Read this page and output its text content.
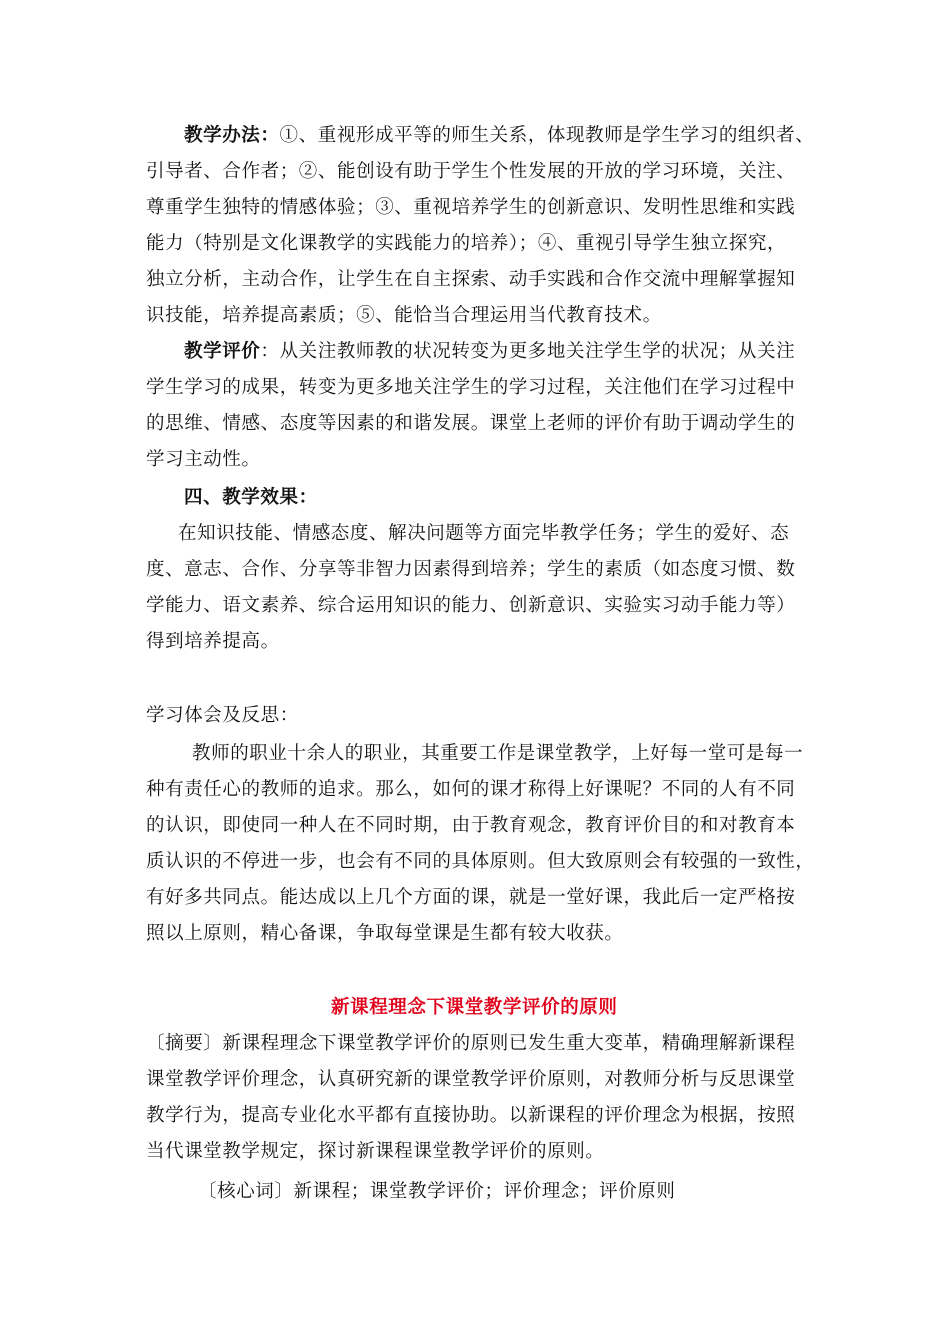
教学办法：①、重视形成平等的师生关系，体现教师是学生学习的组织者、
引导者、合作者；②、能创设有助于学生个性发展的开放的学习环境，关注、
尊重学生独特的情感体验；③、重视培养学生的创新意识、发明性思维和实践
能力（特别是文化课教学的实践能力的培养）；④、重视引导学生独立探究，
独立分析，主动合作，让学生在自主探索、动手实践和合作交流中理解掌握知
识技能，培养提高素质；⑤、能恰当合理运用当代教育技术。
教学评价：从关注教师教的状况转变为更多地关注学生学的状况；从关注
学生学习的成果，转变为更多地关注学生的学习过程，关注他们在学习过程中
的思维、情感、态度等因素的和谐发展。课堂上老师的评价有助于调动学生的
学习主动性。
四、教学效果：
在知识技能、情感态度、解决问题等方面完毕教学任务；学生的爱好、态
度、意志、合作、分享等非智力因素得到培养；学生的素质（如态度习惯、数
学能力、语文素养、综合运用知识的能力、创新意识、实验实习动手能力等）
得到培养提高。
学习体会及反思：
教师的职业十余人的职业，其重要工作是课堂教学，上好每一堂可是每一
种有责任心的教师的追求。那么，如何的课才称得上好课呢？不同的人有不同
的认识，即使同一种人在不同时期，由于教育观念，教育评价目的和对教育本
质认识的不停进一步，也会有不同的具体原则。但大致原则会有较强的一致性，
有好多共同点。能达成以上几个方面的课，就是一堂好课，我此后一定严格按
照以上原则，精心备课，争取每堂课是生都有较大收获。
新课程理念下课堂教学评价的原则
〔摘要〕新课程理念下课堂教学评价的原则已发生重大变革，精确理解新课程
课堂教学评价理念，认真研究新的课堂教学评价原则，对教师分析与反思课堂
教学行为，提高专业化水平都有直接协助。以新课程的评价理念为根据，按照
当代课堂教学规定，探讨新课程课堂教学评价的原则。
〔核心词〕新课程；课堂教学评价；评价理念；评价原则
